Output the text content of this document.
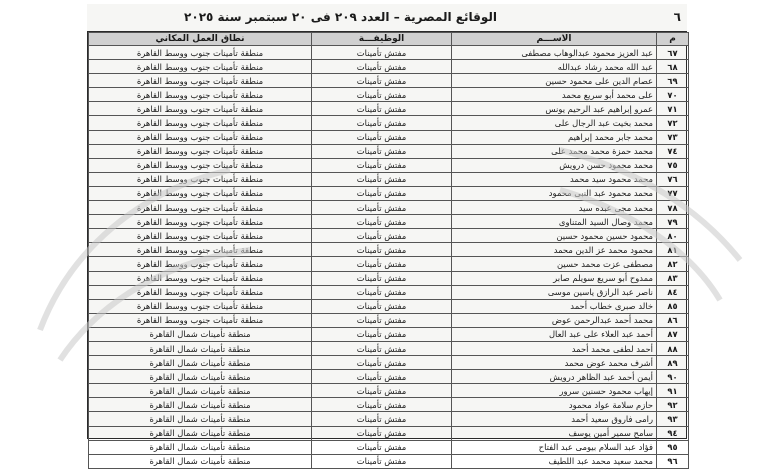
٦
الوقائع المصرية – العدد ٢٠٩ فى ٢٠ سبتمبر سنة ٢٠٢٥
م	الاســـم	الوظيفـــة	نطاق العمل المكاني
٦٧	عبد العزيز محمود عبدالوهاب مصطفى	مفتش تأمينات	منطقة تأمينات جنوب ووسط القاهرة
٦٨	عبد الله محمد رشاد عبدالله	مفتش تأمينات	منطقة تأمينات جنوب ووسط القاهرة
٦٩	عصام الدين على محمود حسين	مفتش تأمينات	منطقة تأمينات جنوب ووسط القاهرة
٧٠	على محمد أبو سريع محمد	مفتش تأمينات	منطقة تأمينات جنوب ووسط القاهرة
٧١	عمرو إبراهيم عبد الرحيم يونس	مفتش تأمينات	منطقة تأمينات جنوب ووسط القاهرة
٧٢	محمد بخيت عبد الرجال على	مفتش تأمينات	منطقة تأمينات جنوب ووسط القاهرة
٧٣	محمد جابر محمد إبراهيم	مفتش تأمينات	منطقة تأمينات جنوب ووسط القاهرة
٧٤	محمد حمزة محمد محمد على	مفتش تأمينات	منطقة تأمينات جنوب ووسط القاهرة
٧٥	محمد محمود حسن درويش	مفتش تأمينات	منطقة تأمينات جنوب ووسط القاهرة
٧٦	محمد محمود سيد محمد	مفتش تأمينات	منطقة تأمينات جنوب ووسط القاهرة
٧٧	محمد محمود عبد النبى محمود	مفتش تأمينات	منطقة تأمينات جنوب ووسط القاهرة
٧٨	محمد مجى عبده سيد	مفتش تأمينات	منطقة تأمينات جنوب ووسط القاهرة
٧٩	محمد وصال السيد المتناوى	مفتش تأمينات	منطقة تأمينات جنوب ووسط القاهرة
٨٠	محمود حسين محمود حسين	مفتش تأمينات	منطقة تأمينات جنوب ووسط القاهرة
٨١	محمود محمد عز الدين محمد	مفتش تأمينات	منطقة تأمينات جنوب ووسط القاهرة
٨٢	مصطفى عزت محمد حسين	مفتش تأمينات	منطقة تأمينات جنوب ووسط القاهرة
٨٣	ممدوح أبو سريع سويلم صابر	مفتش تأمينات	منطقة تأمينات جنوب ووسط القاهرة
٨٤	ناصر عبد الرازق ياسين موسى	مفتش تأمينات	منطقة تأمينات جنوب ووسط القاهرة
٨٥	خالد صبرى خطاب أحمد	مفتش تأمينات	منطقة تأمينات جنوب ووسط القاهرة
٨٦	محمد أحمد عبدالرحمن عوض	مفتش تأمينات	منطقة تأمينات جنوب ووسط القاهرة
٨٧	أحمد عبد العلاء على عبد العال	مفتش تأمينات	منطقة تأمينات شمال القاهرة
٨٨	أحمد لطفى محمد أحمد	مفتش تأمينات	منطقة تأمينات شمال القاهرة
٨٩	أشرف محمد عوض محمد	مفتش تأمينات	منطقة تأمينات شمال القاهرة
٩٠	أيمن أحمد عبد الظاهر درويش	مفتش تأمينات	منطقة تأمينات شمال القاهرة
٩١	إيهاب محمود حسنين سرور	مفتش تأمينات	منطقة تأمينات شمال القاهرة
٩٢	حازم سلامة عواد محمود	مفتش تأمينات	منطقة تأمينات شمال القاهرة
٩٣	رامى فاروق سعيد أحمد	مفتش تأمينات	منطقة تأمينات شمال القاهرة
٩٤	سامح سمير أمين يوسف	مفتش تأمينات	منطقة تأمينات شمال القاهرة
٩٥	فؤاد عبد السلام بيومى عبد الفتاح	مفتش تأمينات	منطقة تأمينات شمال القاهرة
٩٦	محمد سعيد محمد عبد اللطيف	مفتش تأمينات	منطقة تأمينات شمال القاهرة
